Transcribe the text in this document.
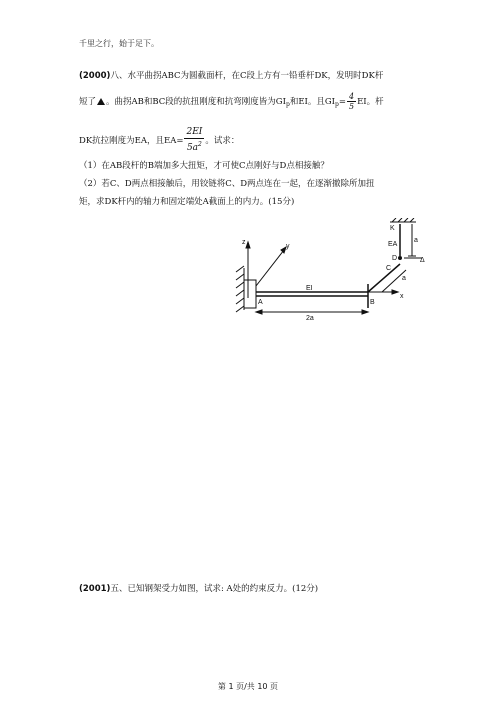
千里之行，始于足下。
(2000)八、水平曲拐ABC为圆截面杆，在C段上方有一铅垂杆DK，发明时DK杆
短了 。曲拐AB和BC段的抗扭刚度和抗弯刚度皆为$GI_p$和EI。且$GI_p= \frac{4}{5}$ EI。杆
DK抗拉刚度为EA，且$EA= \frac{2EI}{5a^2}$ 。试求：
（1）在AB段杆的B端加多大扭矩，才可使C点刚好与D点相接触？
（2）若C、D两点相接触后，用铰链将C、D两点连在一起，在逐渐撤除所加扭
矩，求DK杆内的轴力和固定端处A截面上的内力。(15分)
z
y
x
A	B
C
D
K
EI
2a
EA
a
Δ
a
(2001)五、已知钢架受力如图，试求: A处的约束反力。(12分)
第 1 页/共 10 页
